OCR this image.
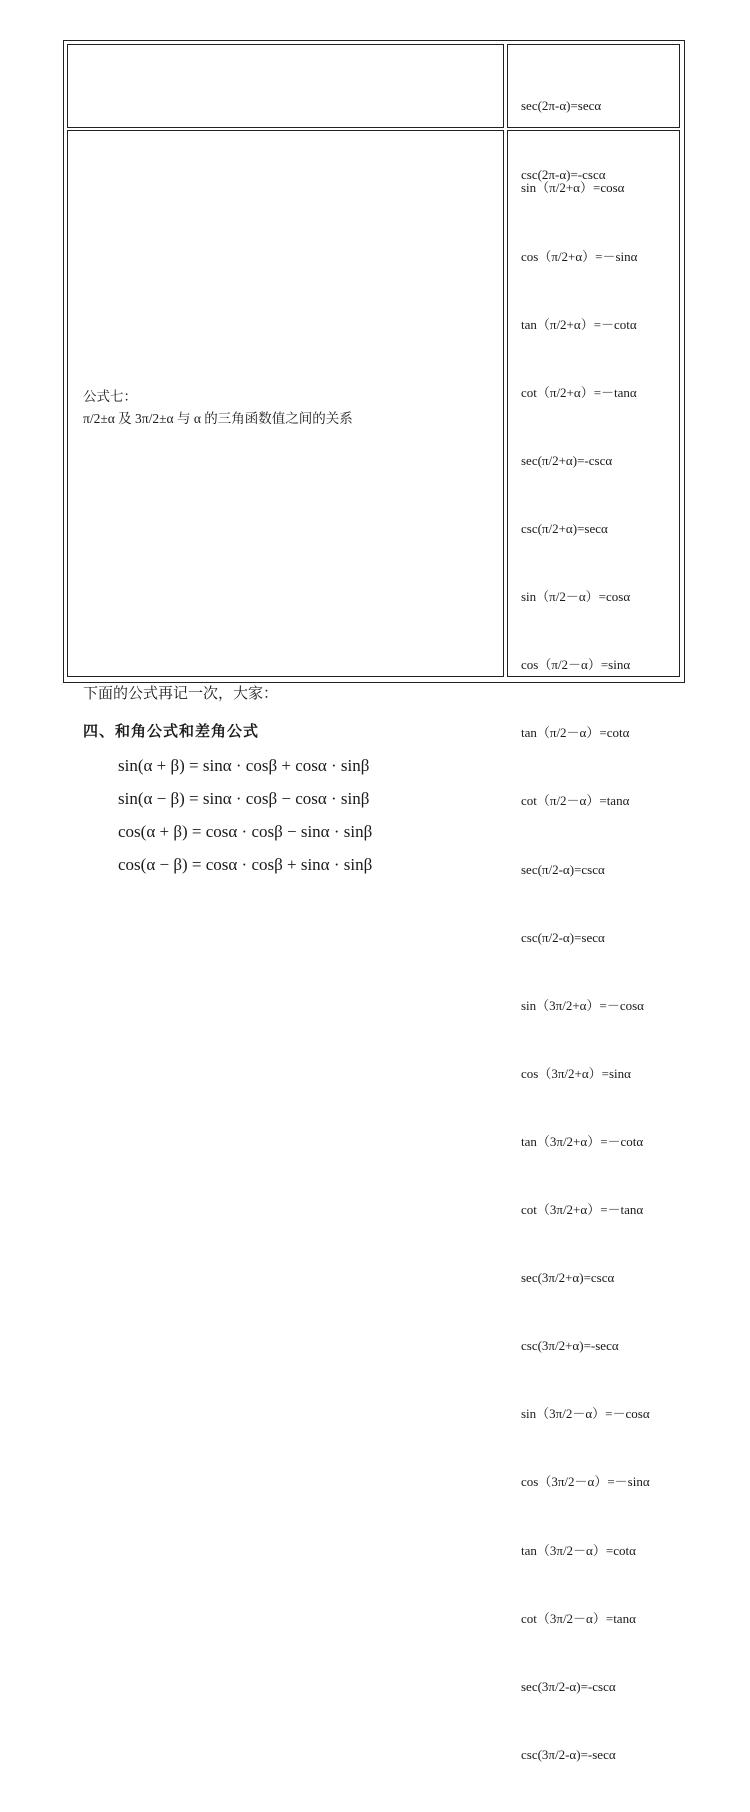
sec(2π-α)=secα

csc(2π-α)=-cscα

公式七：
π/2±α 及 3π/2±α 与 α 的三角函数值之间的关系

sin（π/2+α）=cosα

cos（π/2+α）=－sinα

tan（π/2+α）=－cotα

cot（π/2+α）=－tanα

sec(π/2+α)=-cscα

csc(π/2+α)=secα

sin（π/2－α）=cosα

cos（π/2－α）=sinα

tan（π/2－α）=cotα

cot（π/2－α）=tanα

sec(π/2-α)=cscα

csc(π/2-α)=secα

sin（3π/2+α）=－cosα

cos（3π/2+α）=sinα

tan（3π/2+α）=－cotα

cot（3π/2+α）=－tanα

sec(3π/2+α)=cscα

csc(3π/2+α)=-secα

sin（3π/2－α）=－cosα

cos（3π/2－α）=－sinα

tan（3π/2－α）=cotα

cot（3π/2－α）=tanα

sec(3π/2-α)=-cscα

csc(3π/2-α)=-secα

下面的公式再记一次，大家：
四、和角公式和差角公式
sin(α + β) = sinα · cosβ + cosα · sinβ
sin(α − β) = sinα · cosβ − cosα · sinβ
cos(α + β) = cosα · cosβ − sinα · sinβ
cos(α − β) = cosα · cosβ + sinα · sinβ
